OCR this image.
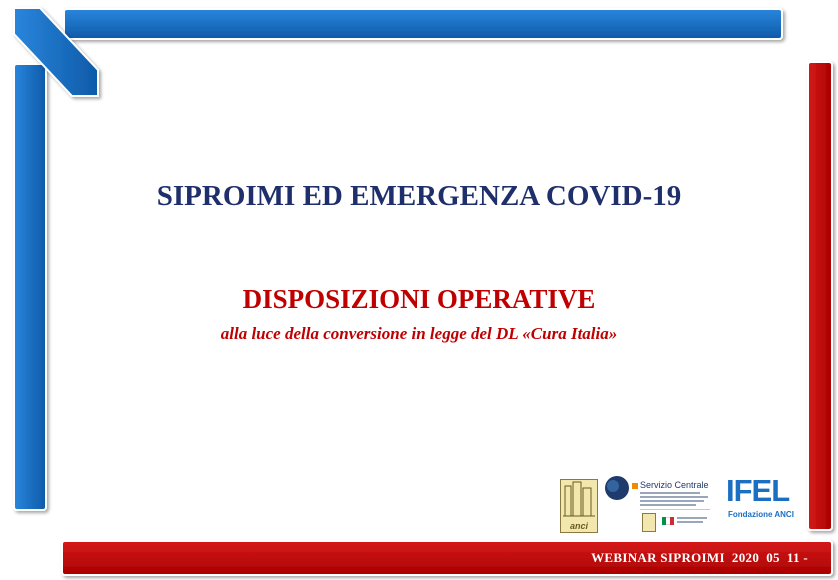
SIPROIMI ED EMERGENZA COVID-19
DISPOSIZIONI OPERATIVE
alla luce della conversione in legge del DL «Cura Italia»
WEBINAR SIPROIMI  2020  05  11 -
anci
Servizio Centrale IFEL
Fondazione ANCI
